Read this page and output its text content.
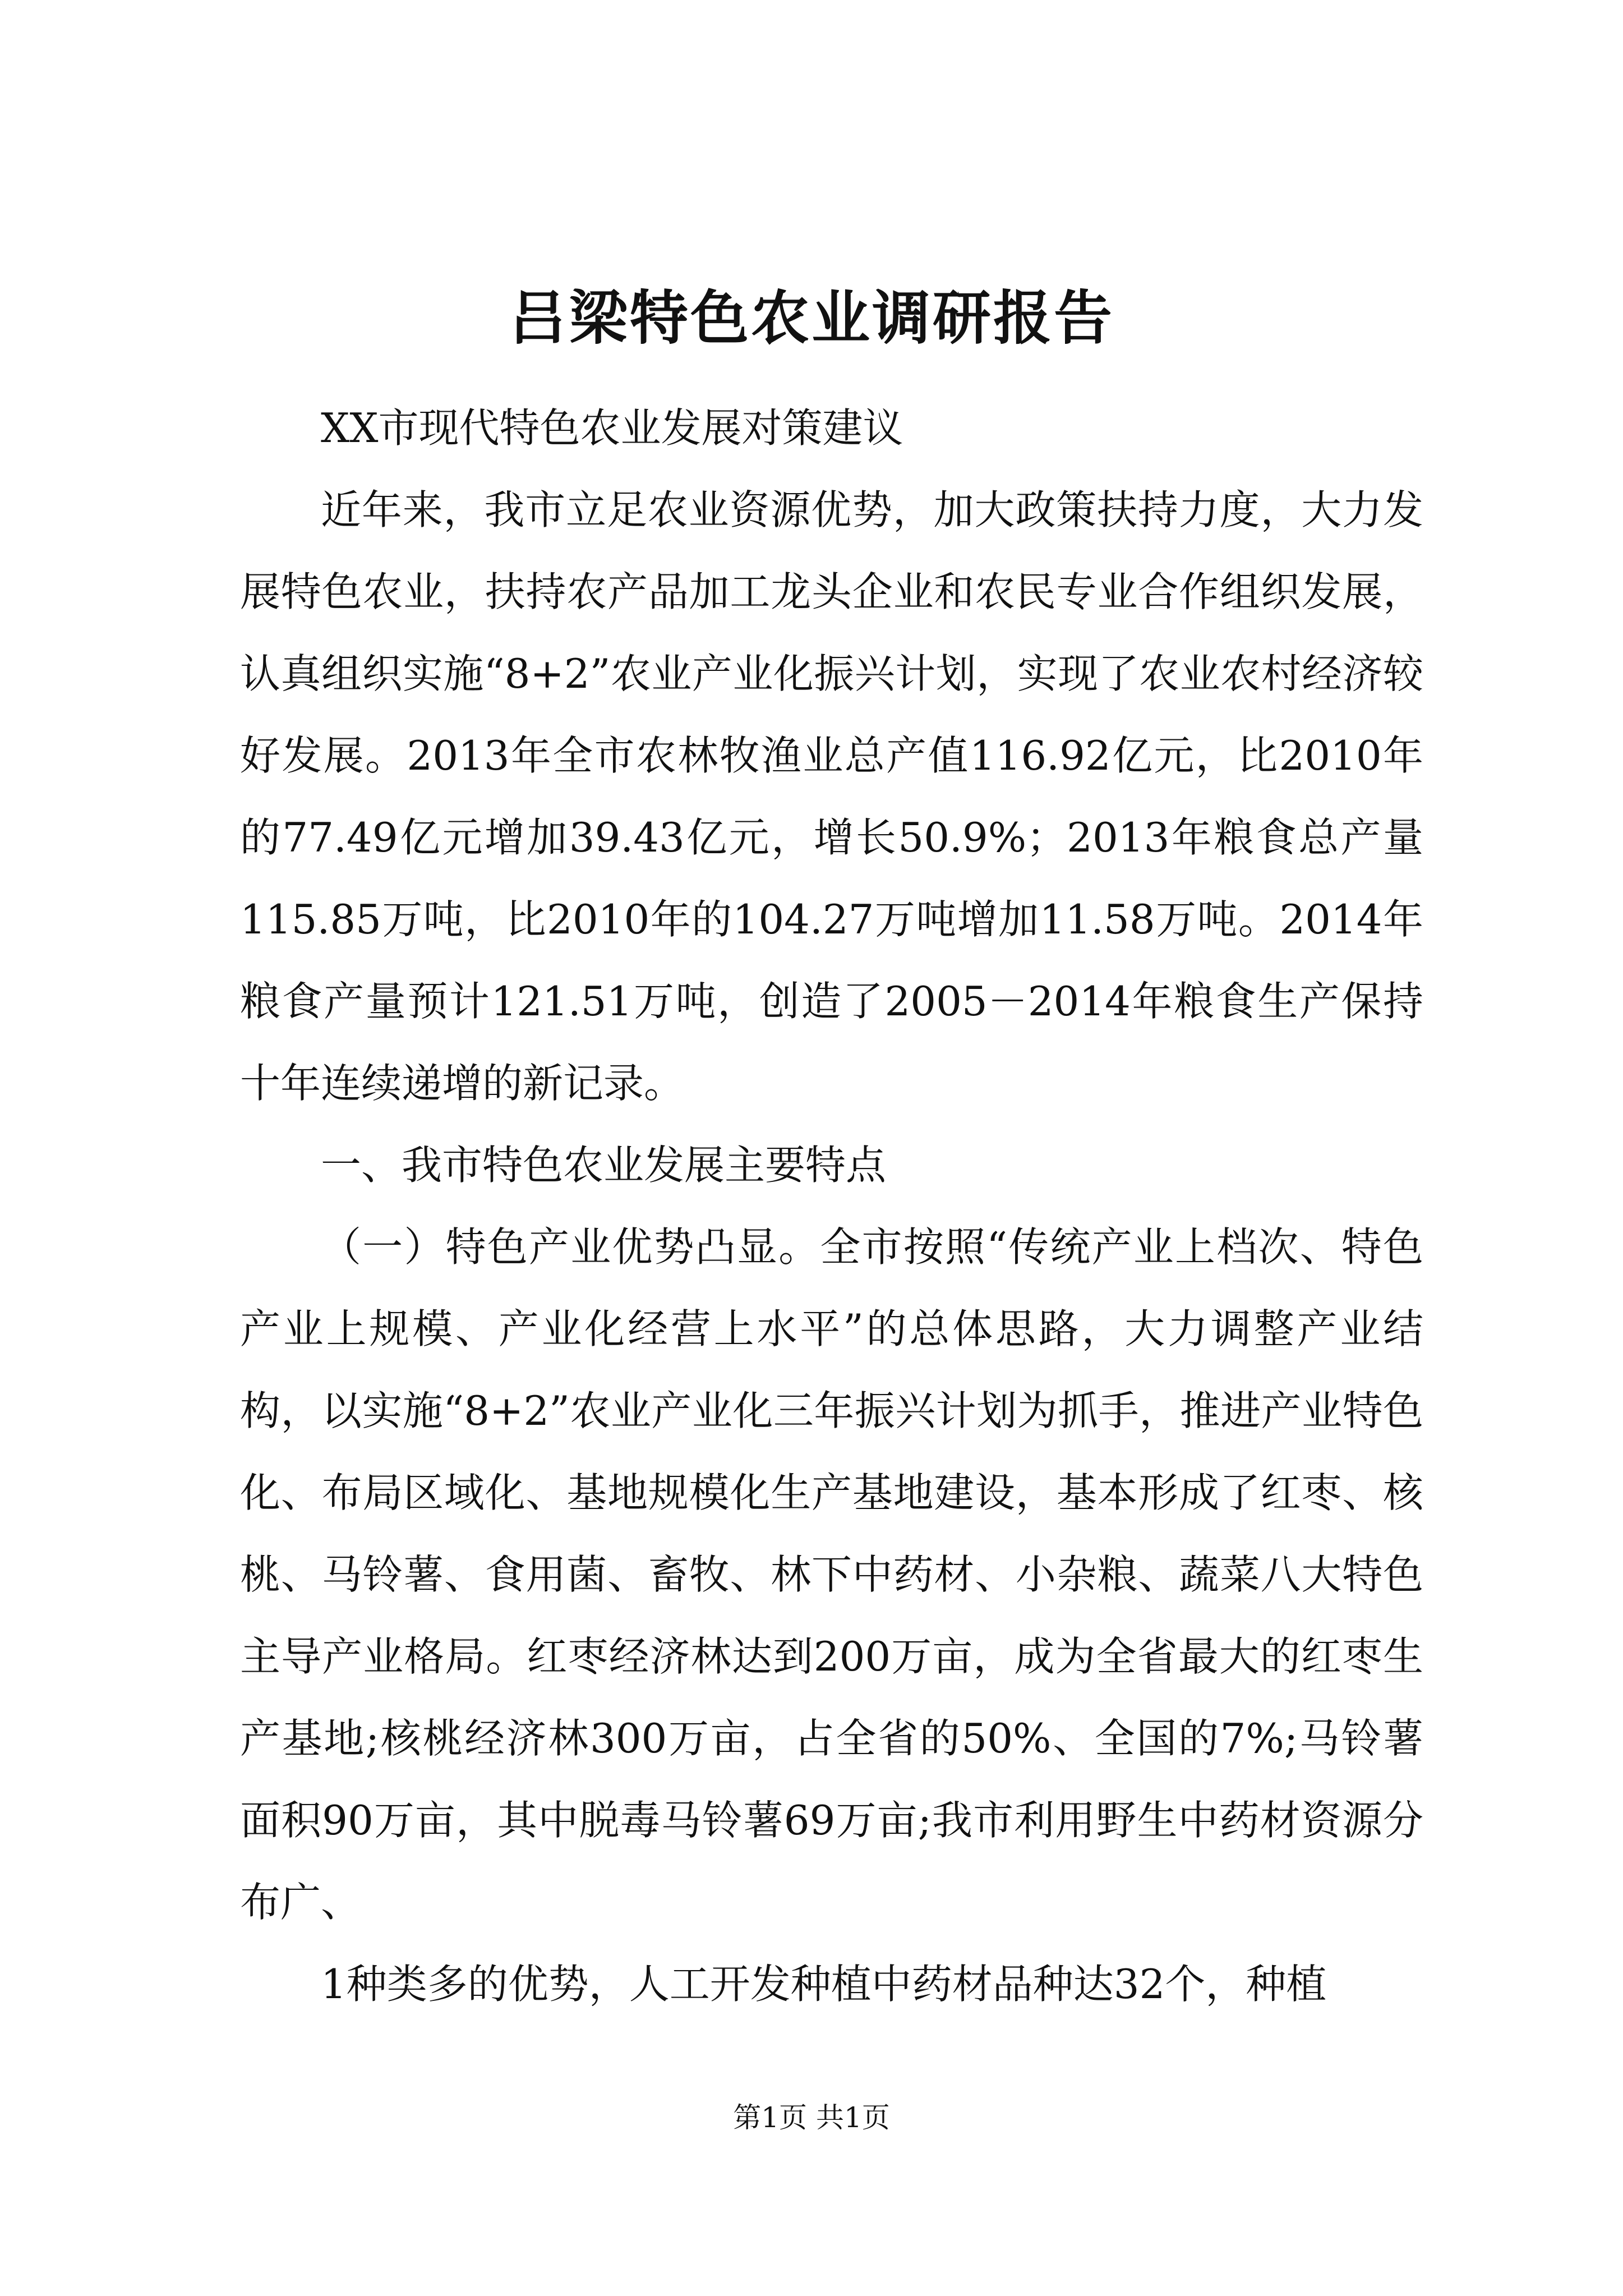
吕梁特色农业调研报告

XX市现代特色农业发展对策建议

近年来，我市立足农业资源优势，加大政策扶持力度，大力发展特色农业，扶持农产品加工龙头企业和农民专业合作组织发展，认真组织实施“8+2”农业产业化振兴计划，实现了农业农村经济较好发展。2013年全市农林牧渔业总产值116.92亿元，比2010年的77.49亿元增加39.43亿元，增长50.9%；2013年粮食总产量115.85万吨，比2010年的104.27万吨增加11.58万吨。2014年粮食产量预计121.51万吨，创造了2005－2014年粮食生产保持十年连续递增的新记录。

一、我市特色农业发展主要特点

（一）特色产业优势凸显。全市按照“传统产业上档次、特色产业上规模、产业化经营上水平”的总体思路，大力调整产业结构，以实施“8+2”农业产业化三年振兴计划为抓手，推进产业特色化、布局区域化、基地规模化生产基地建设，基本形成了红枣、核桃、马铃薯、食用菌、畜牧、林下中药材、小杂粮、蔬菜八大特色主导产业格局。红枣经济林达到200万亩，成为全省最大的红枣生产基地;核桃经济林300万亩，占全省的50%、全国的7%;马铃薯面积90万亩，其中脱毒马铃薯69万亩;我市利用野生中药材资源分布广、

1种类多的优势，人工开发种植中药材品种达32个，种植

第1页 共1页
